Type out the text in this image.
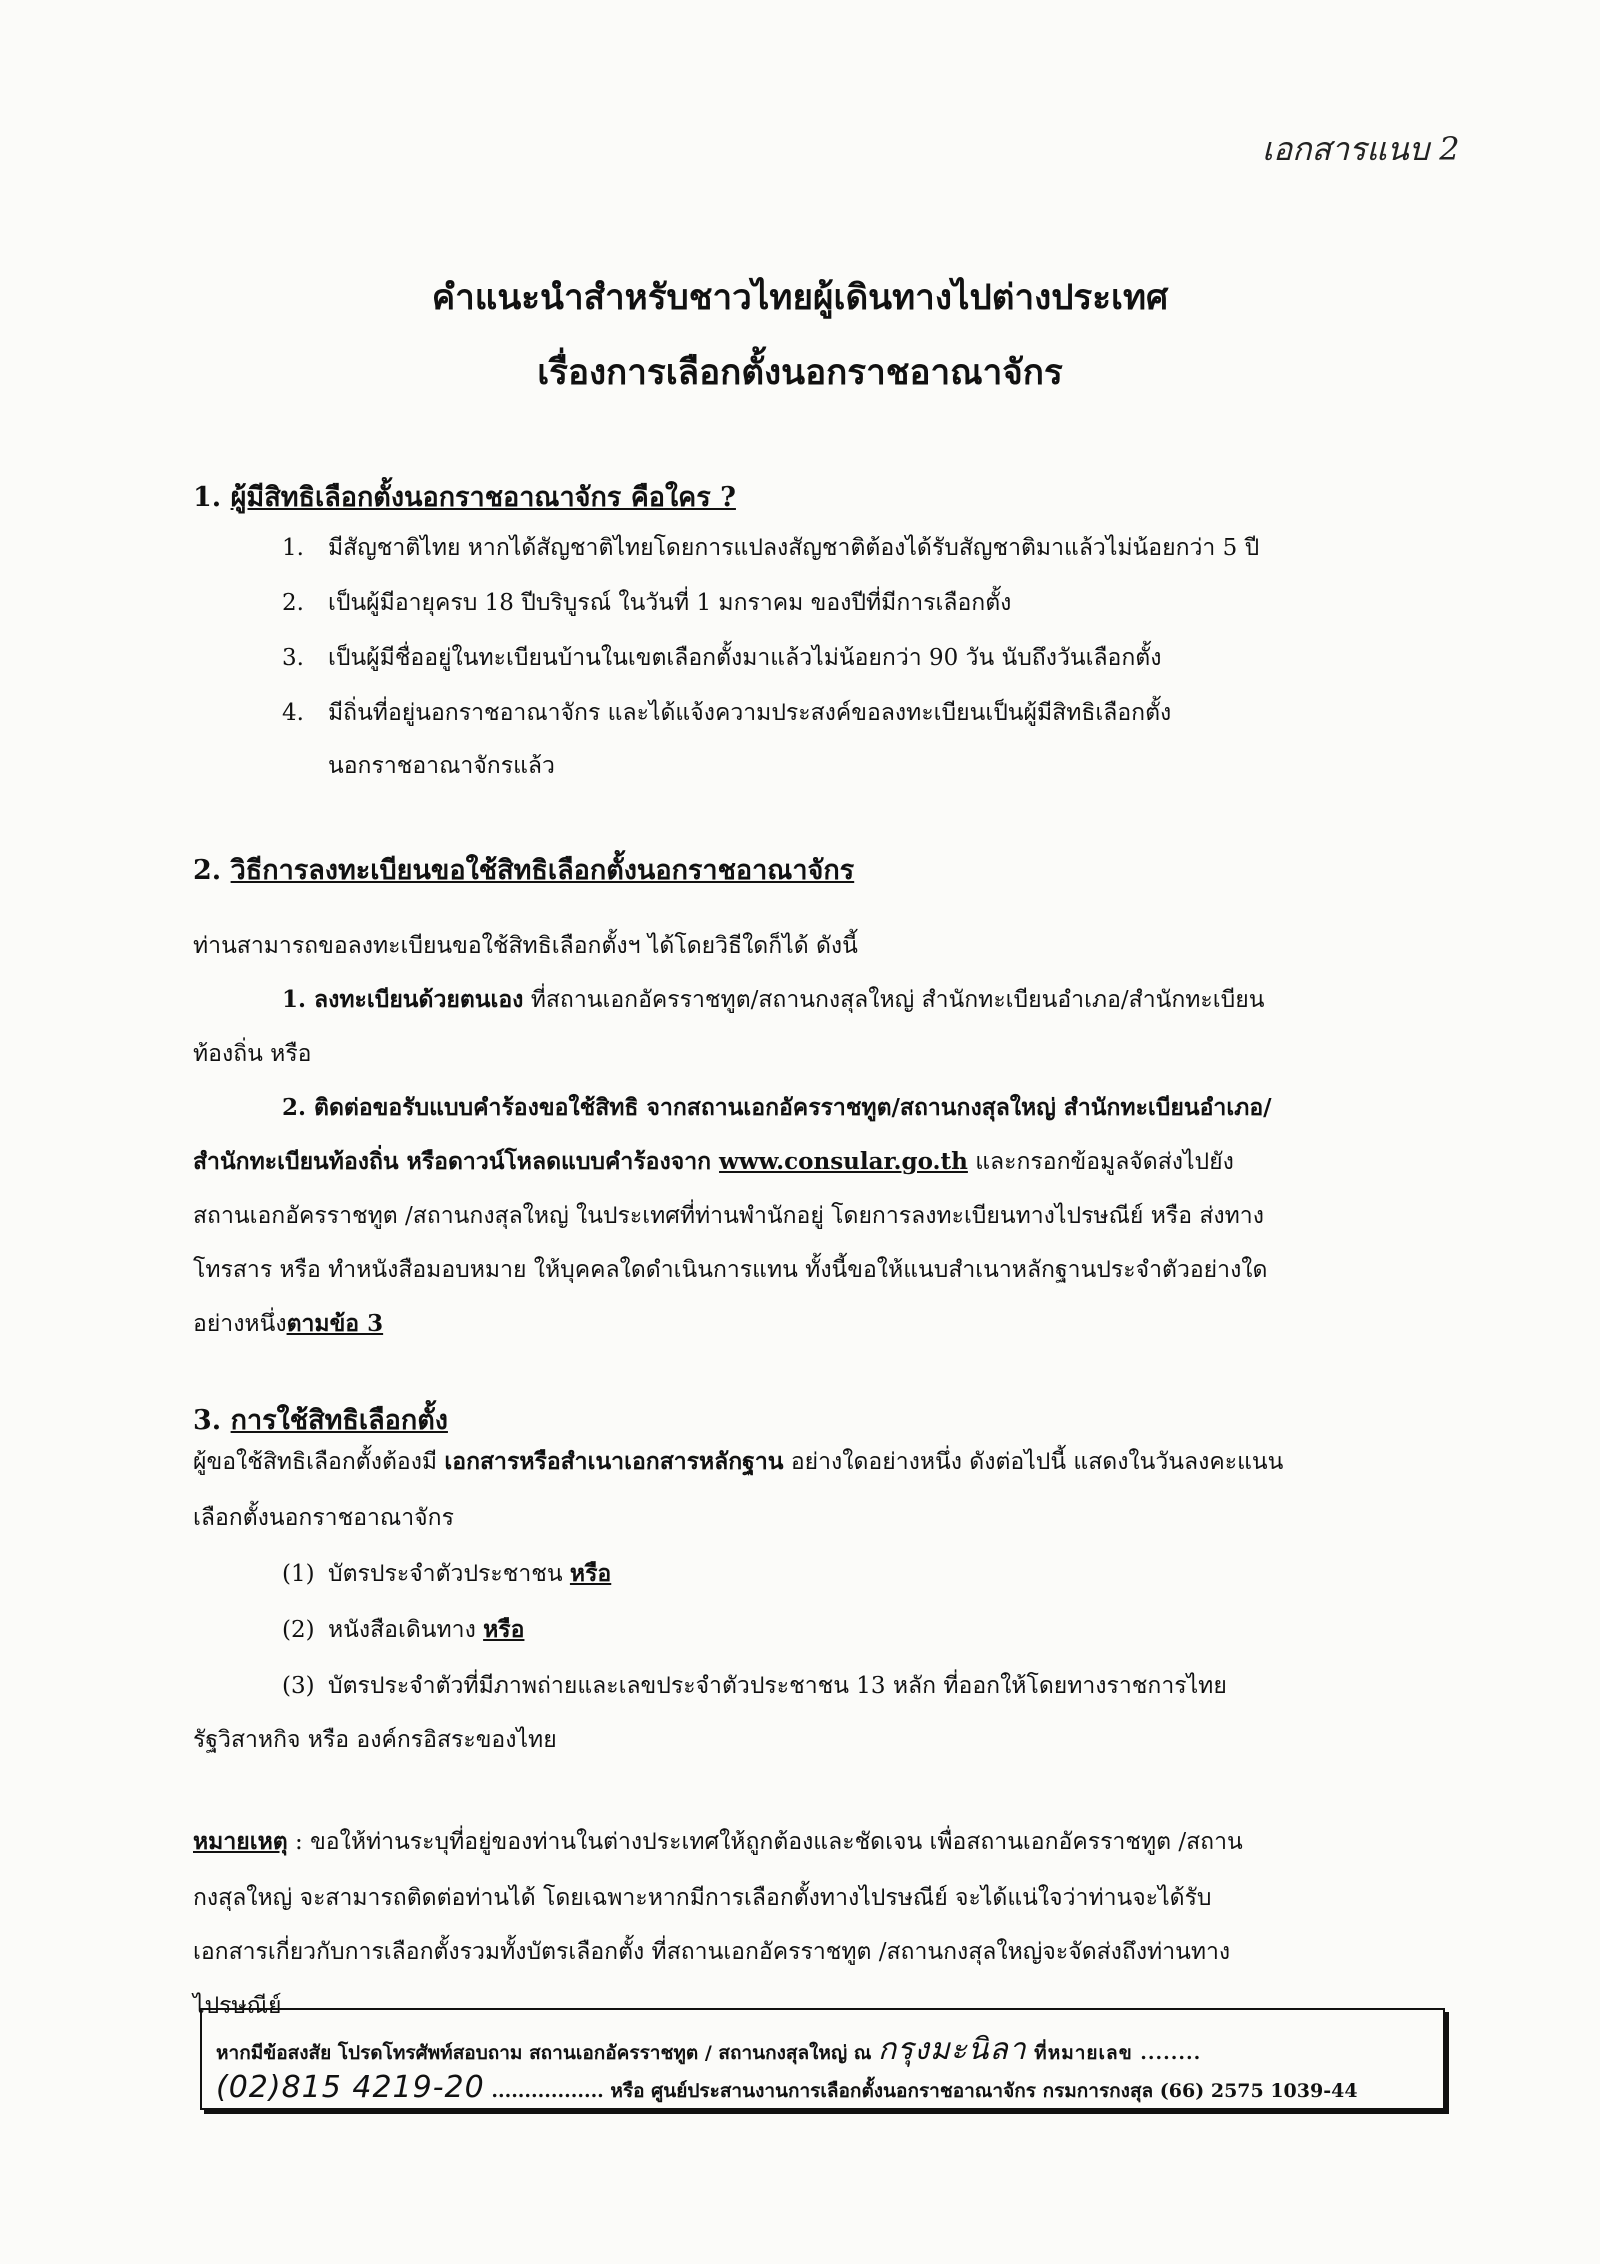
เอกสารแนบ 2
คำแนะนำสำหรับชาวไทยผู้เดินทางไปต่างประเทศ
เรื่องการเลือกตั้งนอกราชอาณาจักร
1. ผู้มีสิทธิเลือกตั้งนอกราชอาณาจักร คือใคร ?
1. มีสัญชาติไทย หากได้สัญชาติไทยโดยการแปลงสัญชาติต้องได้รับสัญชาติมาแล้วไม่น้อยกว่า 5 ปี
2. เป็นผู้มีอายุครบ 18 ปีบริบูรณ์ ในวันที่ 1 มกราคม ของปีที่มีการเลือกตั้ง
3. เป็นผู้มีชื่ออยู่ในทะเบียนบ้านในเขตเลือกตั้งมาแล้วไม่น้อยกว่า 90 วัน นับถึงวันเลือกตั้ง
4. มีถิ่นที่อยู่นอกราชอาณาจักร และได้แจ้งความประสงค์ขอลงทะเบียนเป็นผู้มีสิทธิเลือกตั้ง
นอกราชอาณาจักรแล้ว
2. วิธีการลงทะเบียนขอใช้สิทธิเลือกตั้งนอกราชอาณาจักร
ท่านสามารถขอลงทะเบียนขอใช้สิทธิเลือกตั้งฯ ได้โดยวิธีใดก็ได้ ดังนี้
1. ลงทะเบียนด้วยตนเอง ที่สถานเอกอัครราชทูต/สถานกงสุลใหญ่ สำนักทะเบียนอำเภอ/สำนักทะเบียน
ท้องถิ่น หรือ
2. ติดต่อขอรับแบบคำร้องขอใช้สิทธิ จากสถานเอกอัครราชทูต/สถานกงสุลใหญ่ สำนักทะเบียนอำเภอ/
สำนักทะเบียนท้องถิ่น หรือดาวน์โหลดแบบคำร้องจาก www.consular.go.th และกรอกข้อมูลจัดส่งไปยัง
สถานเอกอัครราชทูต /สถานกงสุลใหญ่ ในประเทศที่ท่านพำนักอยู่ โดยการลงทะเบียนทางไปรษณีย์ หรือ ส่งทาง
โทรสาร หรือ ทำหนังสือมอบหมาย ให้บุคคลใดดำเนินการแทน ทั้งนี้ขอให้แนบสำเนาหลักฐานประจำตัวอย่างใด
อย่างหนึ่งตามข้อ 3
3. การใช้สิทธิเลือกตั้ง
ผู้ขอใช้สิทธิเลือกตั้งต้องมี เอกสารหรือสำเนาเอกสารหลักฐาน อย่างใดอย่างหนึ่ง ดังต่อไปนี้ แสดงในวันลงคะแนน
เลือกตั้งนอกราชอาณาจักร
(1) บัตรประจำตัวประชาชน หรือ
(2) หนังสือเดินทาง หรือ
(3) บัตรประจำตัวที่มีภาพถ่ายและเลขประจำตัวประชาชน 13 หลัก ที่ออกให้โดยทางราชการไทย
รัฐวิสาหกิจ หรือ องค์กรอิสระของไทย
หมายเหตุ : ขอให้ท่านระบุที่อยู่ของท่านในต่างประเทศให้ถูกต้องและชัดเจน เพื่อสถานเอกอัครราชทูต /สถาน
กงสุลใหญ่ จะสามารถติดต่อท่านได้ โดยเฉพาะหากมีการเลือกตั้งทางไปรษณีย์ จะได้แน่ใจว่าท่านจะได้รับ
เอกสารเกี่ยวกับการเลือกตั้งรวมทั้งบัตรเลือกตั้ง ที่สถานเอกอัครราชทูต /สถานกงสุลใหญ่จะจัดส่งถึงท่านทาง
ไปรษณีย์
หากมีข้อสงสัย โปรดโทรศัพท์สอบถาม สถานเอกอัครราชทูต / สถานกงสุลใหญ่ ณ กรุงมะนิลา ที่หมายเลข ........
(02)815 4219-20 ................. หรือ ศูนย์ประสานงานการเลือกตั้งนอกราชอาณาจักร กรมการกงสุล (66) 2575 1039-44
